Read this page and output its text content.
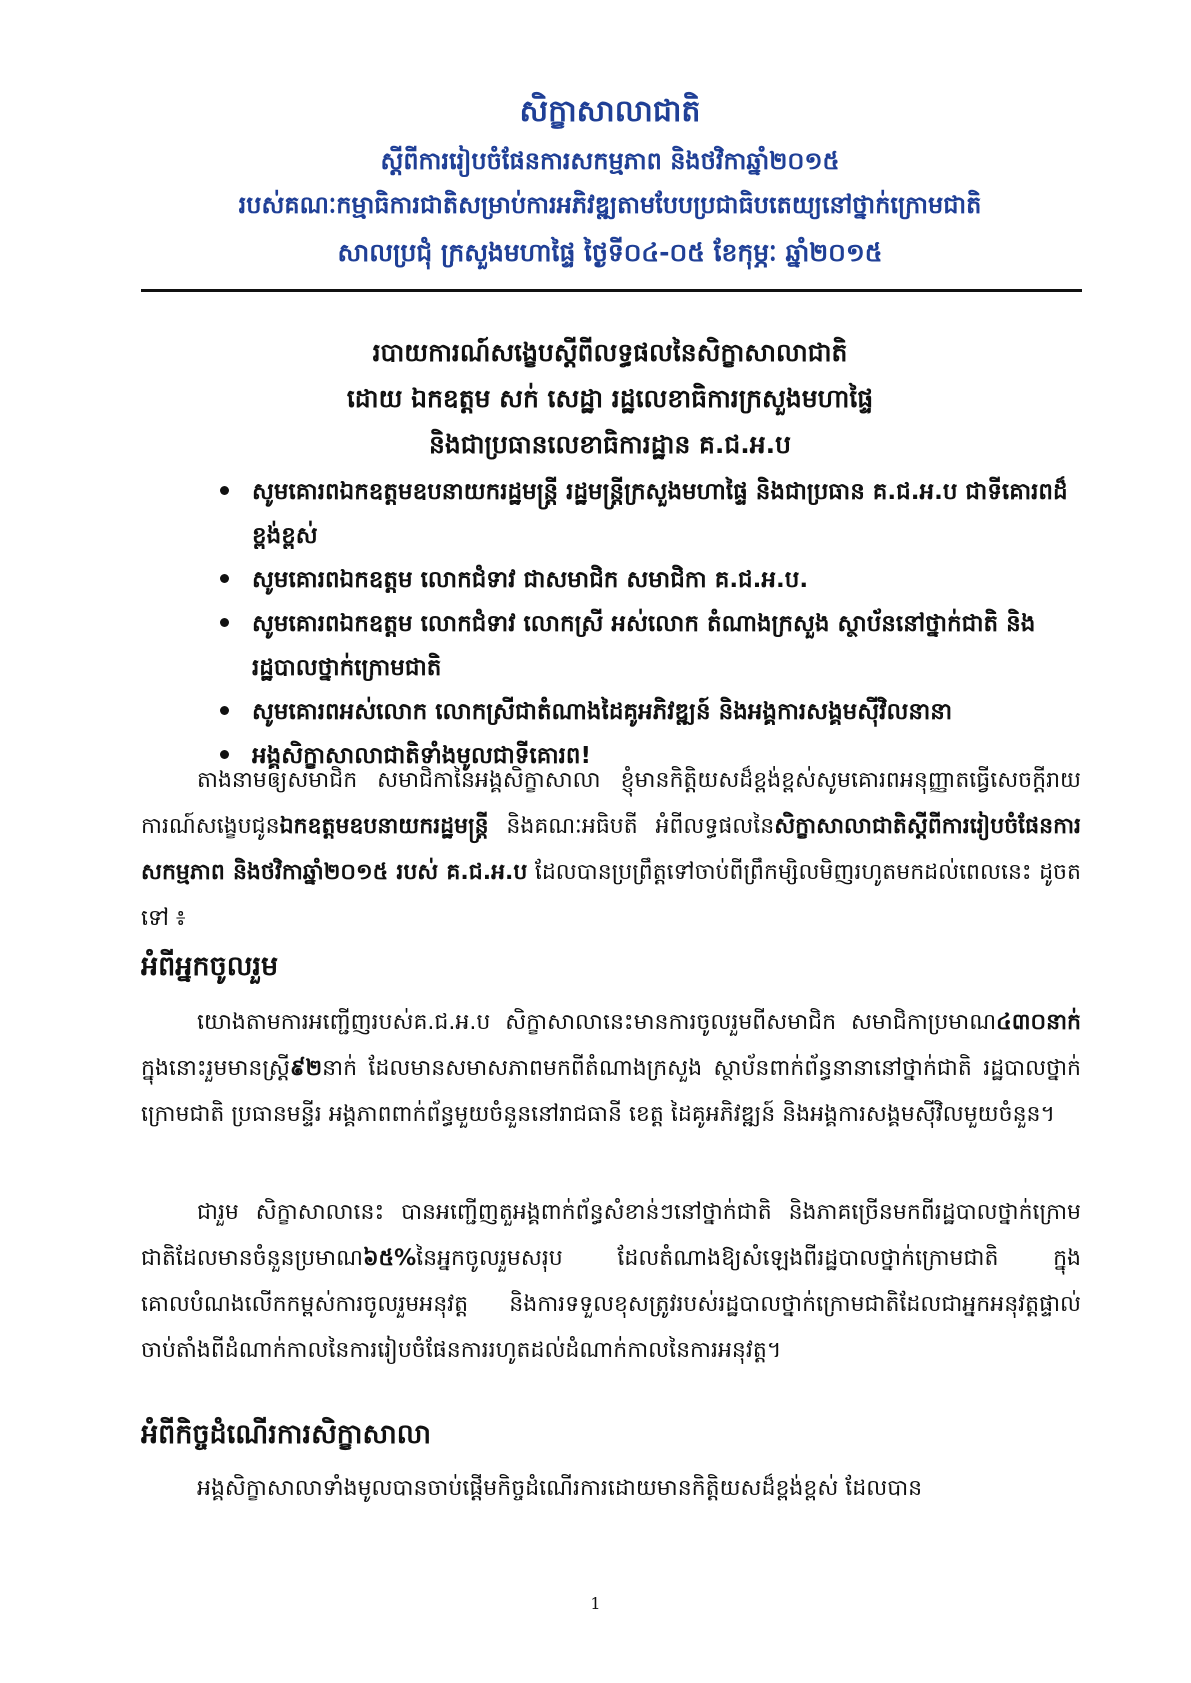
សិក្ខាសាលាជាតិ
ស្តីពីការរៀបចំផែនការសកម្មភាព និងថវិកាឆ្នាំ២០១៥
របស់គណៈកម្មាធិការជាតិសម្រាប់ការអភិវឌ្ឍតាមបែបប្រជាធិបតេយ្យនៅថ្នាក់ក្រោមជាតិ
សាលប្រជុំ ក្រសួងមហាផ្ទៃ ថ្ងៃទី០៤-០៥ ខែកុម្ភៈ ឆ្នាំ២០១៥
របាយការណ៍សង្ខេបស្តីពីលទ្ធផលនៃសិក្ខាសាលាជាតិ
ដោយ ឯកឧត្តម សក់ សេដ្ឋា រដ្ឋលេខាធិការក្រសួងមហាផ្ទៃ
និងជាប្រធានលេខាធិការដ្ឋាន គ.ជ.អ.ប
សូមគោរពឯកឧត្តមឧបនាយករដ្ឋមន្ត្រី រដ្ឋមន្ត្រីក្រសួងមហាផ្ទៃ និងជាប្រធាន គ.ជ.អ.ប ជាទីគោរពដ៏ខ្ពង់ខ្ពស់
សូមគោរពឯកឧត្តម លោកជំទាវ ជាសមាជិក សមាជិកា គ.ជ.អ.ប.
សូមគោរពឯកឧត្តម លោកជំទាវ លោកស្រី អស់លោក តំណាងក្រសួង ស្ថាប័ននៅថ្នាក់ជាតិ និងរដ្ឋបាលថ្នាក់ក្រោមជាតិ
សូមគោរពអស់លោក លោកស្រីជាតំណាងដៃគូអភិវឌ្ឍន៍ និងអង្គការសង្គមស៊ីវិលនានា
អង្គសិក្ខាសាលាជាតិទាំងមូលជាទីគោរព!
តាងនាមឲ្យសមាជិក សមាជិកានៃអង្គសិក្ខាសាលា ខ្ញុំមានកិត្តិយសដ៏ខ្ពង់ខ្ពស់សូមគោរពអនុញ្ញាតធ្វើសេចក្តីរាយការណ៍សង្ខេបជូនឯកឧត្តមឧបនាយករដ្ឋមន្ត្រី និងគណៈអធិបតី អំពីលទ្ធផលនៃសិក្ខាសាលាជាតិស្តីពីការរៀបចំផែនការសកម្មភាព និងថវិកាឆ្នាំ២០១៥ របស់ គ.ជ.អ.ប ដែលបានប្រព្រឹត្តទៅចាប់ពីព្រឹកម្សិលមិញរហូតមកដល់ពេលនេះ ដូចតទៅ ៖
អំពីអ្នកចូលរួម
យោងតាមការអញ្ជើញរបស់គ.ជ.អ.ប សិក្ខាសាលានេះមានការចូលរួមពីសមាជិក សមាជិកាប្រមាណ៤៣០នាក់ ក្នុងនោះរួមមានស្ត្រី៩២នាក់ ដែលមានសមាសភាពមកពីតំណាងក្រសួង ស្ថាប័នពាក់ព័ន្ធនានានៅថ្នាក់ជាតិ រដ្ឋបាលថ្នាក់ក្រោមជាតិ ប្រធានមន្ទីរ អង្គភាពពាក់ព័ន្ធមួយចំនួននៅរាជធានី ខេត្ត ដៃគូអភិវឌ្ឍន៍ និងអង្គការសង្គមស៊ីវិលមួយចំនួន។
ជារួម សិក្ខាសាលានេះ បានអញ្ជើញតួអង្គពាក់ព័ន្ធសំខាន់ៗនៅថ្នាក់ជាតិ និងភាគច្រើនមកពីរដ្ឋបាលថ្នាក់ក្រោមជាតិដែលមានចំនួនប្រមាណ៦៥%នៃអ្នកចូលរួមសរុប ដែលតំណាងឱ្យសំឡេងពីរដ្ឋបាលថ្នាក់ក្រោមជាតិ ក្នុងគោលបំណងលើកកម្ពស់ការចូលរួមអនុវត្ត និងការទទួលខុសត្រូវរបស់រដ្ឋបាលថ្នាក់ក្រោមជាតិដែលជាអ្នកអនុវត្តផ្ទាល់ ចាប់តាំងពីដំណាក់កាលនៃការរៀបចំផែនការរហូតដល់ដំណាក់កាលនៃការអនុវត្ត។
អំពីកិច្ចដំណើរការសិក្ខាសាលា
អង្គសិក្ខាសាលាទាំងមូលបានចាប់ផ្តើមកិច្ចដំណើរការដោយមានកិត្តិយសដ៏ខ្ពង់ខ្ពស់ ដែលបាន
1
